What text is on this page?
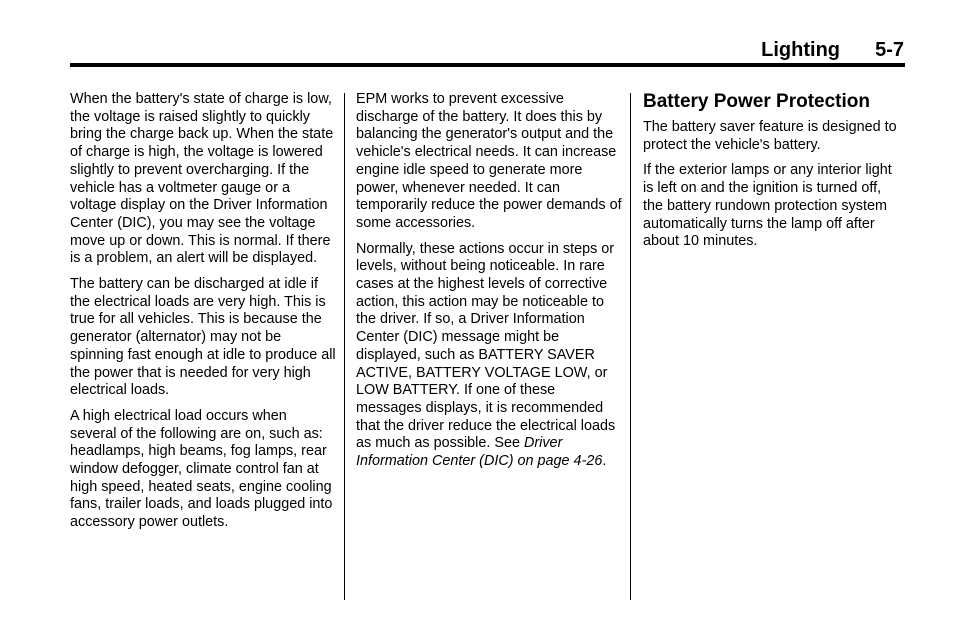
Lighting 5-7

When the battery's state of charge is low, the voltage is raised slightly to quickly bring the charge back up. When the state of charge is high, the voltage is lowered slightly to prevent overcharging. If the vehicle has a voltmeter gauge or a voltage display on the Driver Information Center (DIC), you may see the voltage move up or down. This is normal. If there is a problem, an alert will be displayed.

The battery can be discharged at idle if the electrical loads are very high. This is true for all vehicles. This is because the generator (alternator) may not be spinning fast enough at idle to produce all the power that is needed for very high electrical loads.

A high electrical load occurs when several of the following are on, such as: headlamps, high beams, fog lamps, rear window defogger, climate control fan at high speed, heated seats, engine cooling fans, trailer loads, and loads plugged into accessory power outlets.

EPM works to prevent excessive discharge of the battery. It does this by balancing the generator's output and the vehicle's electrical needs. It can increase engine idle speed to generate more power, whenever needed. It can temporarily reduce the power demands of some accessories.

Normally, these actions occur in steps or levels, without being noticeable. In rare cases at the highest levels of corrective action, this action may be noticeable to the driver. If so, a Driver Information Center (DIC) message might be displayed, such as BATTERY SAVER ACTIVE, BATTERY VOLTAGE LOW, or LOW BATTERY. If one of these messages displays, it is recommended that the driver reduce the electrical loads as much as possible. See Driver Information Center (DIC) on page 4-26.

Battery Power Protection

The battery saver feature is designed to protect the vehicle's battery.

If the exterior lamps or any interior light is left on and the ignition is turned off, the battery rundown protection system automatically turns the lamp off after about 10 minutes.
